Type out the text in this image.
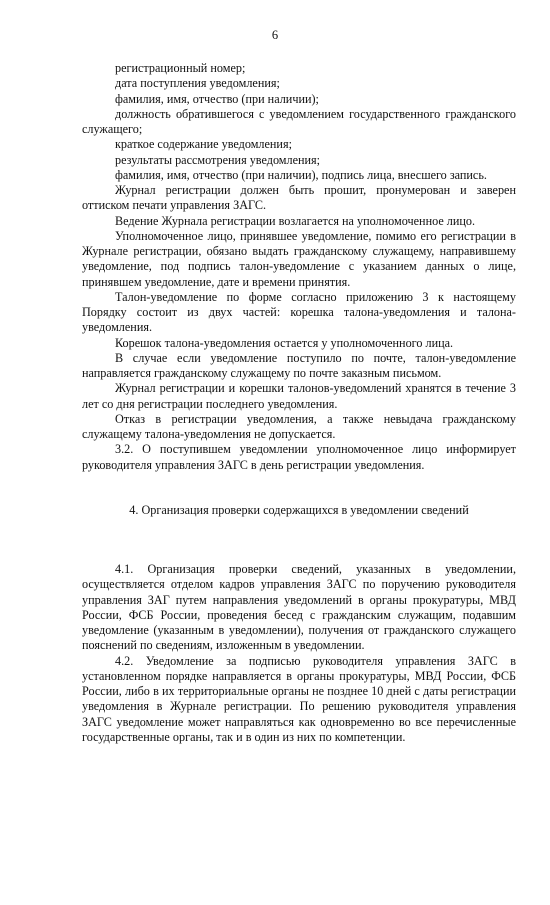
6

регистрационный номер;

дата поступления уведомления;

фамилия, имя, отчество (при наличии);

должность обратившегося с уведомлением государственного гражданского служащего;

краткое содержание уведомления;

результаты рассмотрения уведомления;

фамилия, имя, отчество (при наличии), подпись лица, внесшего запись.

Журнал регистрации должен быть прошит, пронумерован и заверен оттиском печати управления ЗАГС.

Ведение Журнала регистрации возлагается на уполномоченное лицо.

Уполномоченное лицо, принявшее уведомление, помимо его регистрации в Журнале регистрации, обязано выдать гражданскому служащему, направившему уведомление, под подпись талон-уведомление с указанием данных о лице, принявшем уведомление, дате и времени принятия.

Талон-уведомление по форме согласно приложению 3 к настоящему Порядку состоит из двух частей: корешка талона-уведомления и талона-уведомления.

Корешок талона-уведомления остается у уполномоченного лица.

В случае если уведомление поступило по почте, талон-уведомление направляется гражданскому служащему по почте заказным письмом.

Журнал регистрации и корешки талонов-уведомлений хранятся в течение 3 лет со дня регистрации последнего уведомления.

Отказ в регистрации уведомления, а также невыдача гражданскому служащему талона-уведомления не допускается.

3.2. О поступившем уведомлении уполномоченное лицо информирует руководителя управления ЗАГС в день регистрации уведомления.

4. Организация проверки содержащихся в уведомлении сведений

4.1. Организация проверки сведений, указанных в уведомлении, осуществляется отделом кадров управления ЗАГС по поручению руководителя управления ЗАГ путем направления уведомлений в органы прокуратуры, МВД России, ФСБ России, проведения бесед с гражданским служащим, подавшим уведомление (указанным в уведомлении), получения от гражданского служащего пояснений по сведениям, изложенным в уведомлении.

4.2. Уведомление за подписью руководителя управления ЗАГС в установленном порядке направляется в органы прокуратуры, МВД России, ФСБ России, либо в их территориальные органы не позднее 10 дней с даты регистрации уведомления в Журнале регистрации. По решению руководителя управления ЗАГС уведомление может направляться как одновременно во все перечисленные государственные органы, так и в один из них по компетенции.
